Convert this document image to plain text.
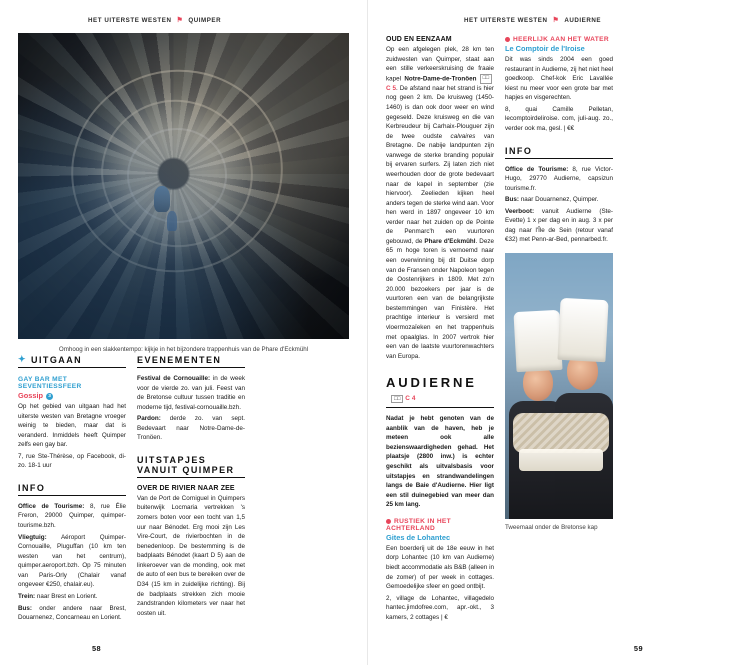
HET UITERSTE WESTEN ⚑ QUIMPER
Omhoog in een slakkentempo: kijkje in het bijzondere trappenhuis van de Phare d'Eckmühl
✦ UITGAAN
GAY BAR MET SEVENTIESSFEER
Gossip 3

Op het gebied van uitgaan had het uiterste westen van Bretagne vroeger weinig te bieden, maar dat is veranderd. Inmiddels heeft Quimper zelfs een gay bar.

7, rue Ste-Thérèse, op Facebook, di-zo. 18-1 uur

INFO

Office de Tourisme: 8, rue Élie Freron, 29000 Quimper, quimper-tourisme.bzh.

Vliegtuig: Aéroport Quimper-Cornouaille, Pluguffan (10 km ten westen van het centrum), quimper.aeroport.bzh. Op 75 minuten van Paris-Orly (Chalair vanaf ongeveer €250, chalair.eu).

Trein: naar Brest en Lorient.

Bus: onder andere naar Brest, Douarnenez, Concarneau en Lorient.

EVENEMENTEN

Festival de Cornouaille: in de week voor de vierde zo. van juli. Feest van de Bretonse cultuur tussen traditie en moderne tijd, festival-cornouaille.bzh.

Pardon: derde zo. van sept. Bedevaart naar Notre-Dame-de-Tronöen.

UITSTAPJES VANUIT QUIMPER
OVER DE RIVIER NAAR ZEE

Van de Port de Corniguel in Quimpers buitenwijk Locmaria vertrekken 's zomers boten voor een tocht van 1,5 uur naar Bénodet. Erg mooi zijn Les Vire-Court, de rivierbochten in de benedenloop. De bestemming is de badplaats Bénodet (kaart D 5) aan de linkeroever van de monding, ook met de auto of een bus te bereiken over de D34 (15 km in zuidelijke richting). Bij de badplaats strekken zich mooie zandstranden kilometers ver naar het oosten uit.

58
HET UITERSTE WESTEN ⚑ AUDIERNE
OUD EN EENZAAM

Op een afgelegen plek, 28 km ten zuidwesten van Quimper, staat aan een stille verkeerskruising de fraaie kapel Notre-Dame-de-Tronöen □□C 5. De afstand naar het strand is hier nog geen 2 km. De kruisweg (1450-1460) is dan ook door weer en wind gegeseld. Deze kruisweg en die van Kerbreudeur bij Carhaix-Plouguer zijn de twee oudste calvaires van Bretagne. De nabije landpunten zijn vanwege de sterke branding populair bij ervaren surfers. Zij laten zich niet weerhouden door de grote bedevaart naar de kapel in september (zie hiervoor). Zeelieden kijken heel anders tegen de sterke wind aan. Voor hen werd in 1897 ongeveer 10 km verder naar het zuiden op de Pointe de Penmarc'h een vuurtoren gebouwd, de Phare d'Eckmühl. Deze 65 m hoge toren is vernoemd naar een overwinning bij dit Duitse dorp van de Fransen onder Napoleon tegen de Oostenrijkers in 1809. Met zo'n 20.000 bezoekers per jaar is de vuurtoren een van de belangrijkste bestemmingen van Finistère. Het prachtige interieur is versierd met vloermozaïeken en het trappenhuis met opaalglas. In 2007 vertrok hier een van de laatste vuurtorenwachters van Europa.

AUDIERNE□□ C 4

Nadat je hebt genoten van de aanblik van de haven, heb je meteen ook alle bezienswaardigheden gehad. Het plaatsje (2800 inw.) is echter geschikt als uitvalsbasis voor uitstapjes en strandwandelingen langs de Baie d'Audierne. Hier ligt een stil duinegebied van meer dan 25 km lang.

RUSTIEK IN HET ACHTERLAND
Gites de Lohantec

Een boerderij uit de 18e eeuw in het dorp Lohantec (10 km van Audierne) biedt accommodatie als B&B (alleen in de zomer) of per week in cottages. Gemoedelijke sfeer en goed ontbijt.

2, village de Lohantec, villagedelo hantec.jimdofree.com, apr.-okt., 3 kamers, 2 cottages | €

HEERLIJK AAN HET WATER
Le Comptoir de l'Iroise

Dit was sinds 2004 een goed restaurant in Audierne, zij het niet heel goedkoop. Chef-kok Eric Lavallée kiest nu meer voor een grote bar met hapjes en visgerechten.

8, quai Camille Pelletan, lecomptoirdeliroise. com, juli-aug. zo., verder ook ma, gesl. | €€

INFO

Office de Tourisme: 8, rue Victor-Hugo, 29770 Audierne, capsizun tourisme.fr.

Bus: naar Douarnenez, Quimper.

Veerboot: vanuit Audierne (Ste-Evette) 1 x per dag en in aug. 3 x per dag naar l'Île de Sein (retour vanaf €32) met Penn-ar-Bed, pennarbed.fr.

Tweemaal onder de Bretonse kap
59
